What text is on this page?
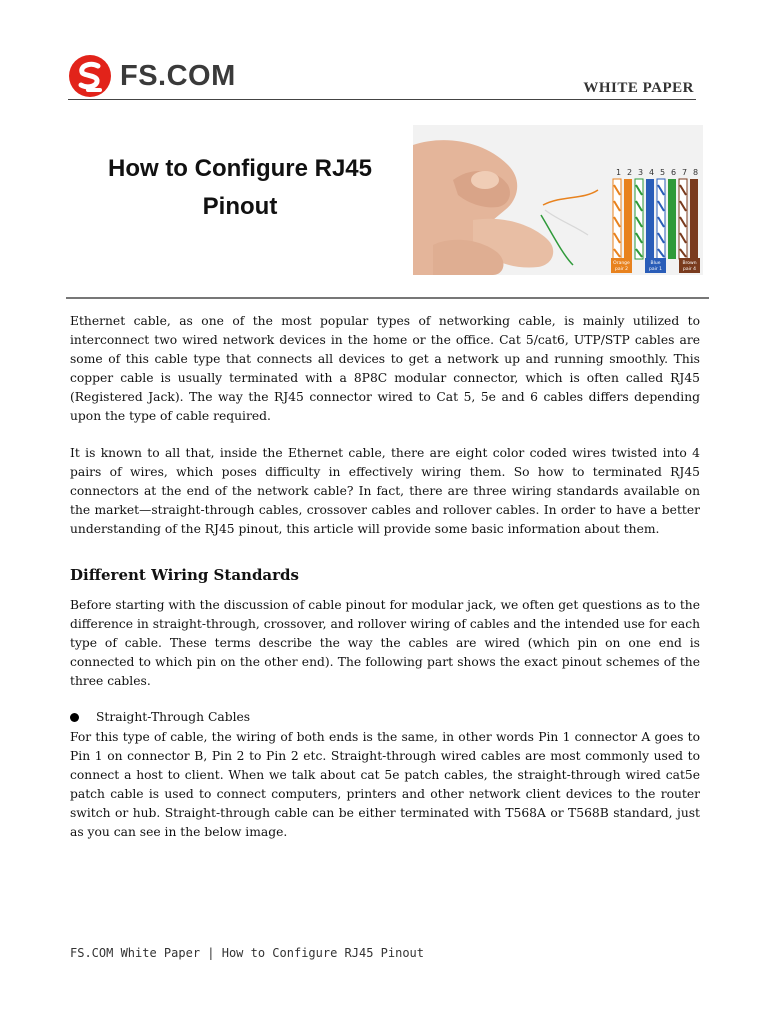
FS.COM	WHITE PAPER
How to Configure RJ45
Pinout
1 2 3 4 5 6 7 8
Orange
pair 2
Blue
pair 1
Brown
pair 4
Ethernet cable, as one of the most popular types of networking cable, is mainly utilized to interconnect two wired network devices in the home or the office. Cat 5/cat6, UTP/STP cables are some of this cable type that connects all devices to get a network up and running smoothly. This copper cable is usually terminated with a 8P8C modular connector, which is often called RJ45 (Registered Jack). The way the RJ45 connector wired to Cat 5, 5e and 6 cables differs depending upon the type of cable required.
It is known to all that, inside the Ethernet cable, there are eight color coded wires twisted into 4 pairs of wires, which poses difficulty in effectively wiring them. So how to terminated RJ45 connectors at the end of the network cable? In fact, there are three wiring standards available on the market—straight-through cables, crossover cables and rollover cables. In order to have a better understanding of the RJ45 pinout, this article will provide some basic information about them.
Different Wiring Standards
Before starting with the discussion of cable pinout for modular jack, we often get questions as to the difference in straight-through, crossover, and rollover wiring of cables and the intended use for each type of cable. These terms describe the way the cables are wired (which pin on one end is connected to which pin on the other end). The following part shows the exact pinout schemes of the three cables.
Straight-Through Cables
For this type of cable, the wiring of both ends is the same, in other words Pin 1 connector A goes to Pin 1 on connector B, Pin 2 to Pin 2 etc. Straight-through wired cables are most commonly used to connect a host to client. When we talk about cat 5e patch cables, the straight-through wired cat5e patch cable is used to connect computers, printers and other network client devices to the router switch or hub. Straight-through cable can be either terminated with T568A or T568B standard, just as you can see in the below image.
FS.COM White Paper | How to Configure RJ45 Pinout
